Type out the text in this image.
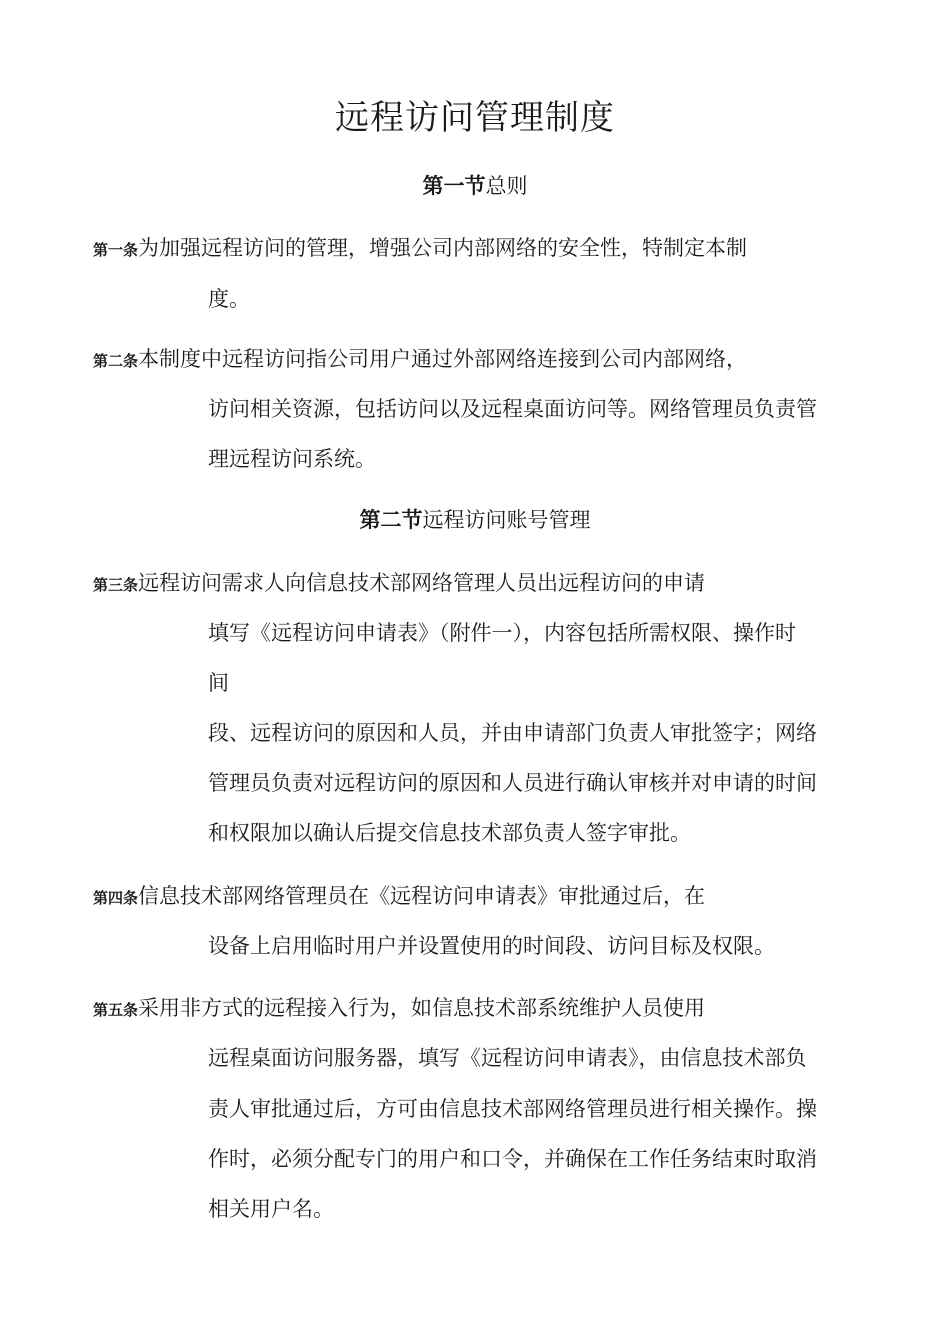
远程访问管理制度
第一节总则
第一条为加强远程访问的管理，增强公司内部网络的安全性，特制定本制
度。
第二条本制度中远程访问指公司用户通过外部网络连接到公司内部网络，
访问相关资源，包括访问以及远程桌面访问等。网络管理员负责管
理远程访问系统。
第二节远程访问账号管理
第三条远程访问需求人向信息技术部网络管理人员出远程访问的申请
填写《远程访问申请表》（附件一），内容包括所需权限、操作时
间
段、远程访问的原因和人员，并由申请部门负责人审批签字；网络
管理员负责对远程访问的原因和人员进行确认审核并对申请的时间
和权限加以确认后提交信息技术部负责人签字审批。
第四条信息技术部网络管理员在《远程访问申请表》审批通过后，在
设备上启用临时用户并设置使用的时间段、访问目标及权限。
第五条采用非方式的远程接入行为，如信息技术部系统维护人员使用
远程桌面访问服务器，填写《远程访问申请表》，由信息技术部负
责人审批通过后，方可由信息技术部网络管理员进行相关操作。操
作时，必须分配专门的用户和口令，并确保在工作任务结束时取消
相关用户名。
